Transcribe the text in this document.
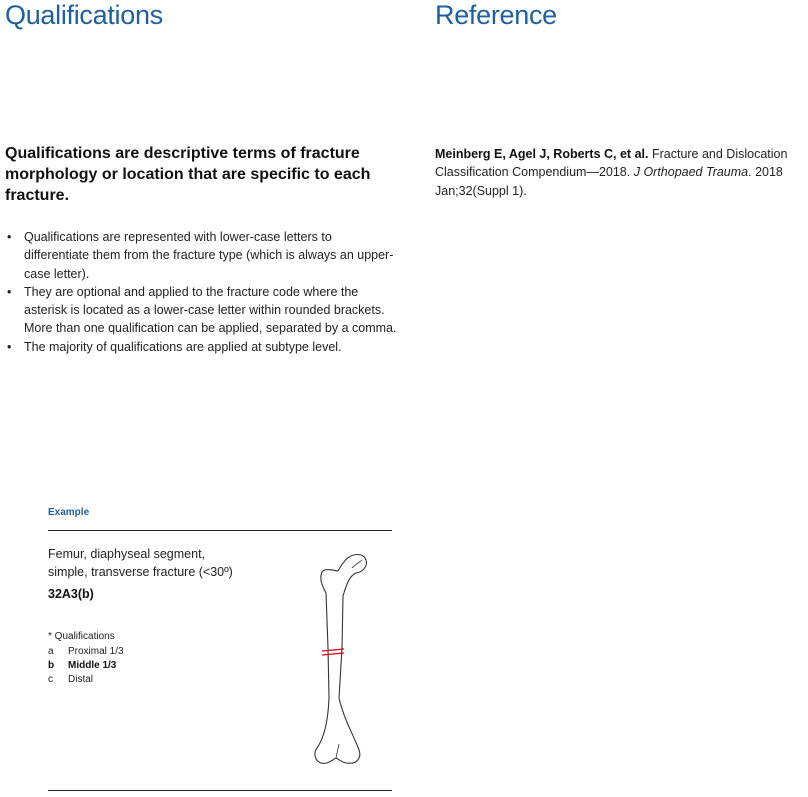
Qualifications	Reference

Qualifications are descriptive terms of fracture morphology or location that are specific to each fracture.

• Qualifications are represented with lower-case letters to differentiate them from the fracture type (which is always an upper-case letter).
• They are optional and applied to the fracture code where the asterisk is located as a lower-case letter within rounded brackets. More than one qualification can be applied, separated by a comma.
• The majority of qualifications are applied at subtype level.

Meinberg E, Agel J, Roberts C, et al. Fracture and Dislocation Classification Compendium—2018. J Orthopaed Trauma. 2018 Jan;32(Suppl 1).

Example

Femur, diaphyseal segment,
simple, transverse fracture (<30º)

32A3(b)

* Qualifications

a	Proximal 1/3
b	Middle 1/3
c	Distal
